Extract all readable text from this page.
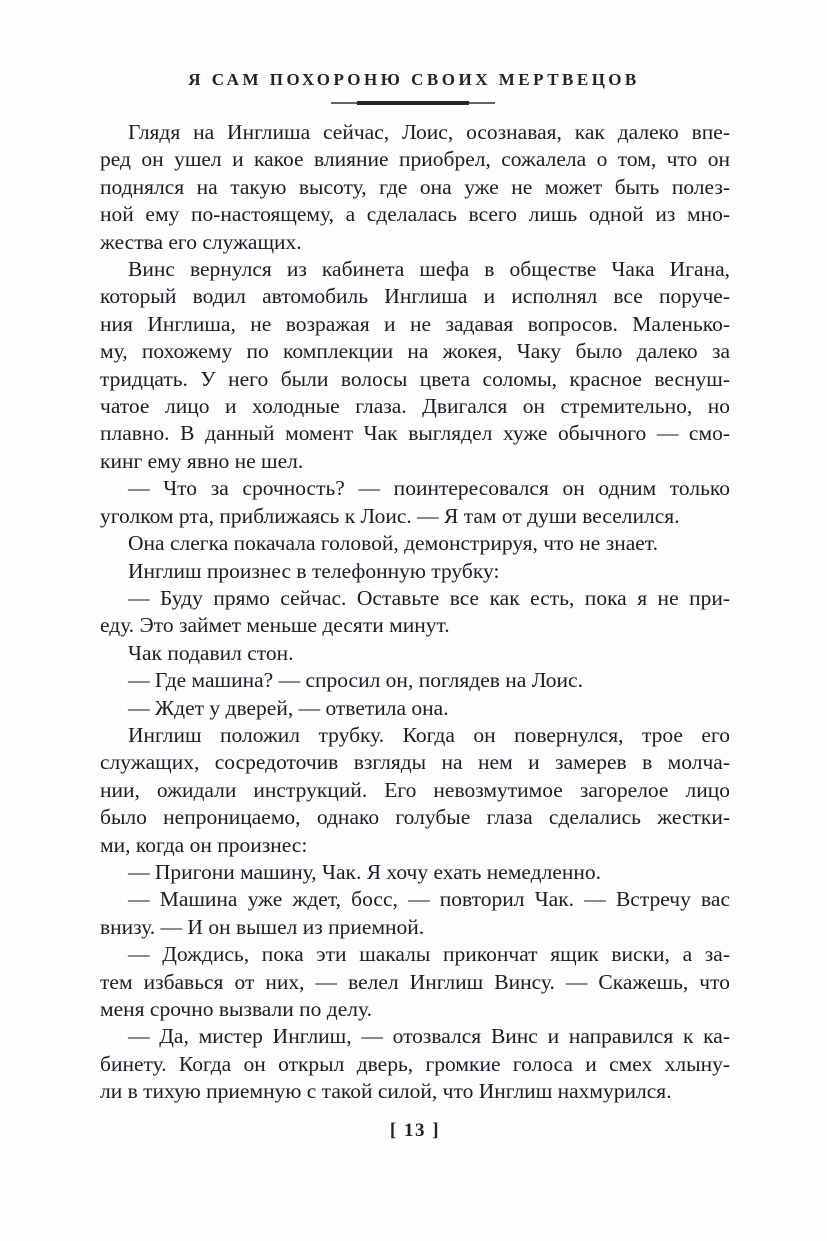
Я САМ ПОХОРОНЮ СВОИХ МЕРТВЕЦОВ
Глядя на Инглиша сейчас, Лоис, осознавая, как далеко впе-
ред он ушел и какое влияние приобрел, сожалела о том, что он
поднялся на такую высоту, где она уже не может быть полез-
ной ему по-настоящему, а сделалась всего лишь одной из мно-
жества его служащих.
Винс вернулся из кабинета шефа в обществе Чака Игана,
который водил автомобиль Инглиша и исполнял все поруче-
ния Инглиша, не возражая и не задавая вопросов. Маленько-
му, похожему по комплекции на жокея, Чаку было далеко за
тридцать. У него были волосы цвета соломы, красное веснуш-
чатое лицо и холодные глаза. Двигался он стремительно, но
плавно. В данный момент Чак выглядел хуже обычного — смо-
кинг ему явно не шел.
— Что за срочность? — поинтересовался он одним только
уголком рта, приближаясь к Лоис. — Я там от души веселился.
Она слегка покачала головой, демонстрируя, что не знает.
Инглиш произнес в телефонную трубку:
— Буду прямо сейчас. Оставьте все как есть, пока я не при-
еду. Это займет меньше десяти минут.
Чак подавил стон.
— Где машина? — спросил он, поглядев на Лоис.
— Ждет у дверей, — ответила она.
Инглиш положил трубку. Когда он повернулся, трое его
служащих, сосредоточив взгляды на нем и замерев в молча-
нии, ожидали инструкций. Его невозмутимое загорелое лицо
было непроницаемо, однако голубые глаза сделались жестки-
ми, когда он произнес:
— Пригони машину, Чак. Я хочу ехать немедленно.
— Машина уже ждет, босс, — повторил Чак. — Встречу вас
внизу. — И он вышел из приемной.
— Дождись, пока эти шакалы прикончат ящик виски, а за-
тем избавься от них, — велел Инглиш Винсу. — Скажешь, что
меня срочно вызвали по делу.
— Да, мистер Инглиш, — отозвался Винс и направился к ка-
бинету. Когда он открыл дверь, громкие голоса и смех хлыну-
ли в тихую приемную с такой силой, что Инглиш нахмурился.
[ 13 ]
